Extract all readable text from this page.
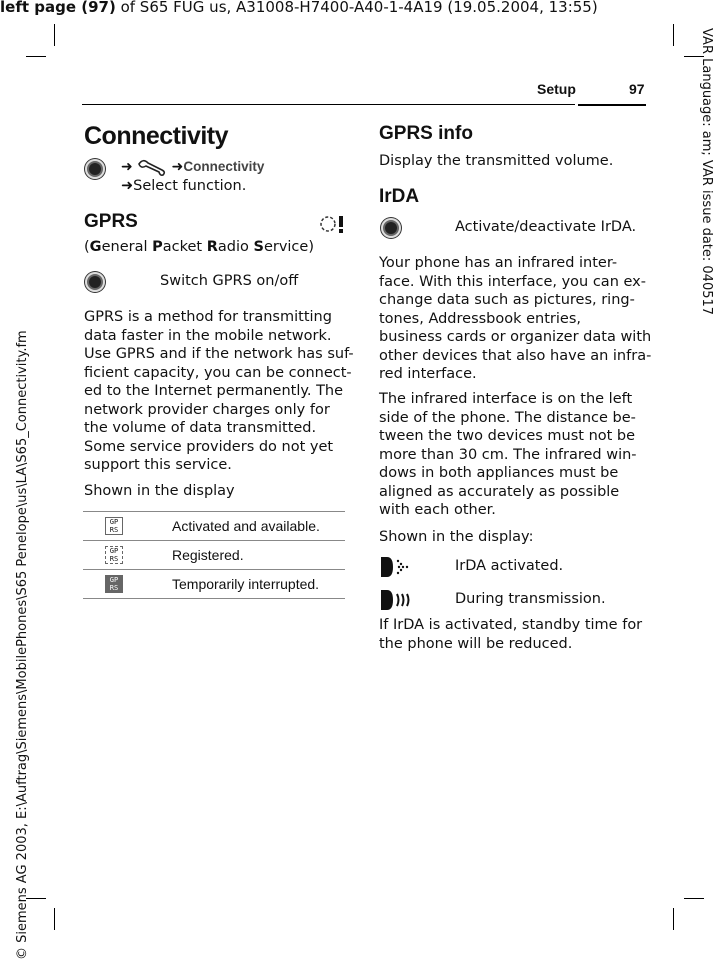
left page (97) of S65 FUG us, A31008-H7400-A40-1-4A19 (19.05.2004, 13:55)
VAR Language: am; VAR issue date: 040517
© Siemens AG 2003, E:\Auftrag\Siemens\MobilePhones\S65 Penelope\us\LA\S65_Connectivity.fm
Setup	97
Connectivity
➜	➜Connectivity
➜Select function.
GPRS
(General Packet Radio Service)
Switch GPRS on/off
GPRS is a method for transmitting
data faster in the mobile network.
Use GPRS and if the network has suf-
ficient capacity, you can be connect-
ed to the Internet permanently. The
network provider charges only for
the volume of data transmitted.
Some service providers do not yet
support this service.
Shown in the display
GP
RS	Activated and available.
GP
RS	Registered.
GP
RS	Temporarily interrupted.
GPRS info
Display the transmitted volume.
IrDA
Activate/deactivate IrDA.
Your phone has an infrared inter-
face. With this interface, you can ex-
change data such as pictures, ring-
tones, Addressbook entries,
business cards or organizer data with
other devices that also have an infra-
red interface.
The infrared interface is on the left
side of the phone. The distance be-
tween the two devices must not be
more than 30 cm. The infrared win-
dows in both appliances must be
aligned as accurately as possible
with each other.
Shown in the display:
IrDA activated.
During transmission.
If IrDA is activated, standby time for
the phone will be reduced.
